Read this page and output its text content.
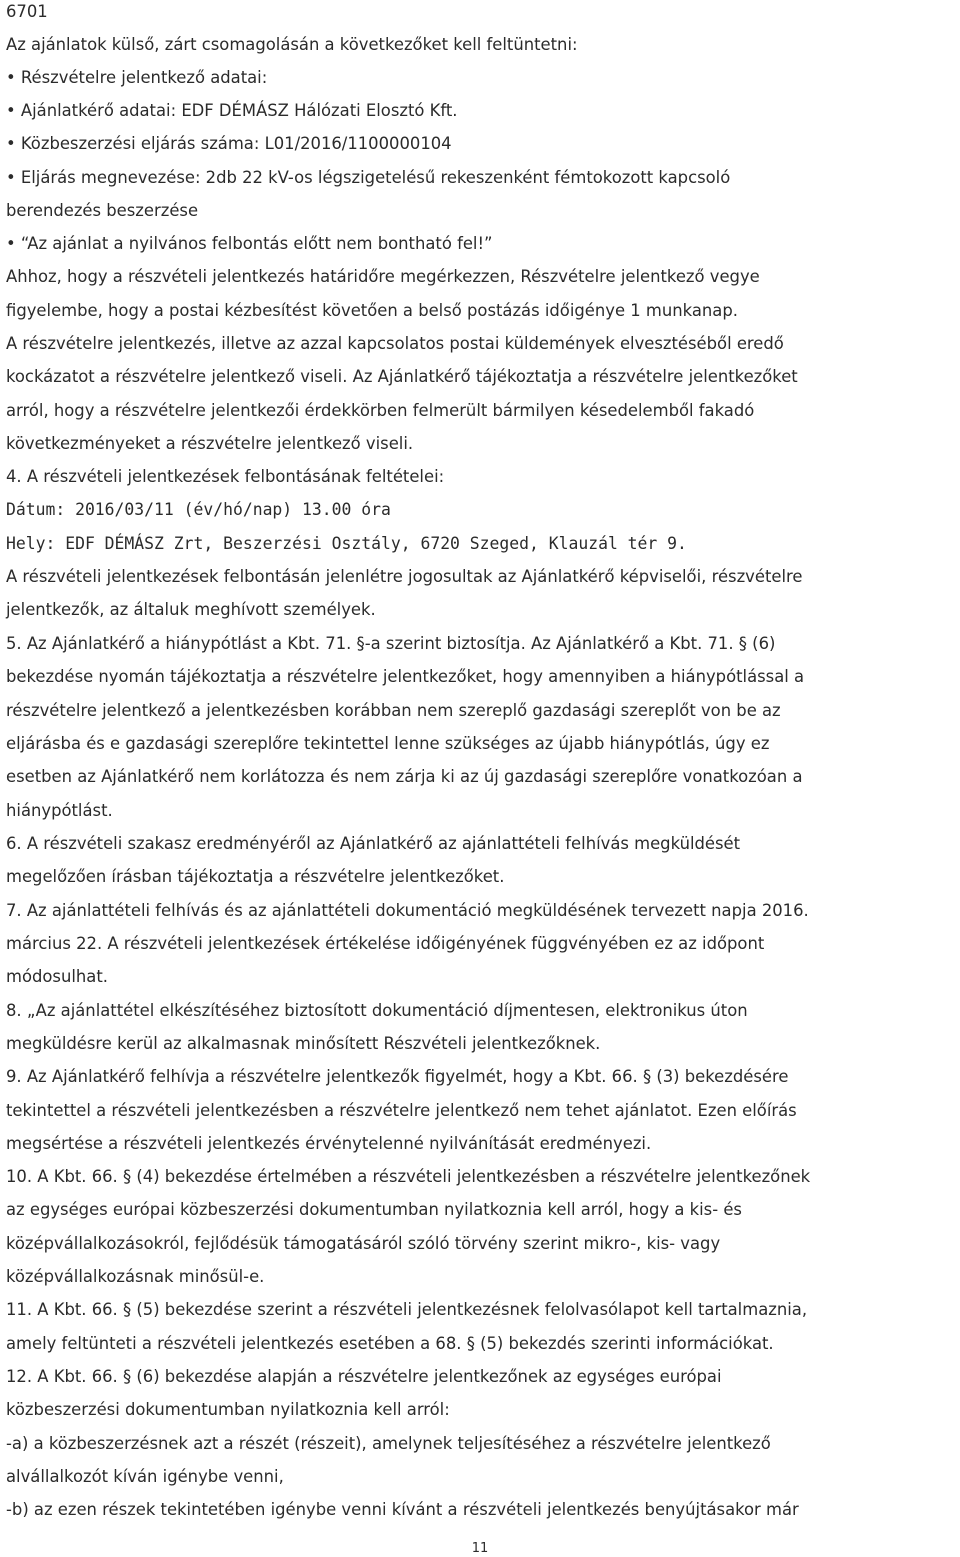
6701
Az ajánlatok külső, zárt csomagolásán a következőket kell feltüntetni:
• Részvételre jelentkező adatai:
• Ajánlatkérő adatai: EDF DÉMÁSZ Hálózati Elosztó Kft.
• Közbeszerzési eljárás száma: L01/2016/1100000104
• Eljárás megnevezése: 2db 22 kV-os légszigetelésű rekeszenként fémtokozott kapcsoló
berendezés beszerzése
• “Az ajánlat a nyilvános felbontás előtt nem bontható fel!”
Ahhoz, hogy a részvételi jelentkezés határidőre megérkezzen, Részvételre jelentkező vegye
figyelembe, hogy a postai kézbesítést követően a belső postázás időigénye 1 munkanap.
A részvételre jelentkezés, illetve az azzal kapcsolatos postai küldemények elvesztéséből eredő
kockázatot a részvételre jelentkező viseli. Az Ajánlatkérő tájékoztatja a részvételre jelentkezőket
arról, hogy a részvételre jelentkezői érdekkörben felmerült bármilyen késedelemből fakadó
következményeket a részvételre jelentkező viseli.
4. A részvételi jelentkezések felbontásának feltételei:
Dátum: 2016/03/11 (év/hó/nap) 13.00 óra
Hely: EDF DÉMÁSZ Zrt, Beszerzési Osztály, 6720 Szeged, Klauzál tér 9.
A részvételi jelentkezések felbontásán jelenlétre jogosultak az Ajánlatkérő képviselői, részvételre
jelentkezők, az általuk meghívott személyek.
5. Az Ajánlatkérő a hiánypótlást a Kbt. 71. §-a szerint biztosítja. Az Ajánlatkérő a Kbt. 71. § (6)
bekezdése nyomán tájékoztatja a részvételre jelentkezőket, hogy amennyiben a hiánypótlással a
részvételre jelentkező a jelentkezésben korábban nem szereplő gazdasági szereplőt von be az
eljárásba és e gazdasági szereplőre tekintettel lenne szükséges az újabb hiánypótlás, úgy ez
esetben az Ajánlatkérő nem korlátozza és nem zárja ki az új gazdasági szereplőre vonatkozóan a
hiánypótlást.
6. A részvételi szakasz eredményéről az Ajánlatkérő az ajánlattételi felhívás megküldését
megelőzően írásban tájékoztatja a részvételre jelentkezőket.
7. Az ajánlattételi felhívás és az ajánlattételi dokumentáció megküldésének tervezett napja 2016.
március 22. A részvételi jelentkezések értékelése időigényének függvényében ez az időpont
módosulhat.
8. „Az ajánlattétel elkészítéséhez biztosított dokumentáció díjmentesen, elektronikus úton
megküldésre kerül az alkalmasnak minősített Részvételi jelentkezőknek.
9. Az Ajánlatkérő felhívja a részvételre jelentkezők figyelmét, hogy a Kbt. 66. § (3) bekezdésére
tekintettel a részvételi jelentkezésben a részvételre jelentkező nem tehet ajánlatot. Ezen előírás
megsértése a részvételi jelentkezés érvénytelenné nyilvánítását eredményezi.
10. A Kbt. 66. § (4) bekezdése értelmében a részvételi jelentkezésben a részvételre jelentkezőnek
az egységes európai közbeszerzési dokumentumban nyilatkoznia kell arról, hogy a kis- és
középvállalkozásokról, fejlődésük támogatásáról szóló törvény szerint mikro-, kis- vagy
középvállalkozásnak minősül-e.
11. A Kbt. 66. § (5) bekezdése szerint a részvételi jelentkezésnek felolvasólapot kell tartalmaznia,
amely feltünteti a részvételi jelentkezés esetében a 68. § (5) bekezdés szerinti információkat.
12. A Kbt. 66. § (6) bekezdése alapján a részvételre jelentkezőnek az egységes európai
közbeszerzési dokumentumban nyilatkoznia kell arról:
-a) a közbeszerzésnek azt a részét (részeit), amelynek teljesítéséhez a részvételre jelentkező
alvállalkozót kíván igénybe venni,
-b) az ezen részek tekintetében igénybe venni kívánt a részvételi jelentkezés benyújtásakor már
11
